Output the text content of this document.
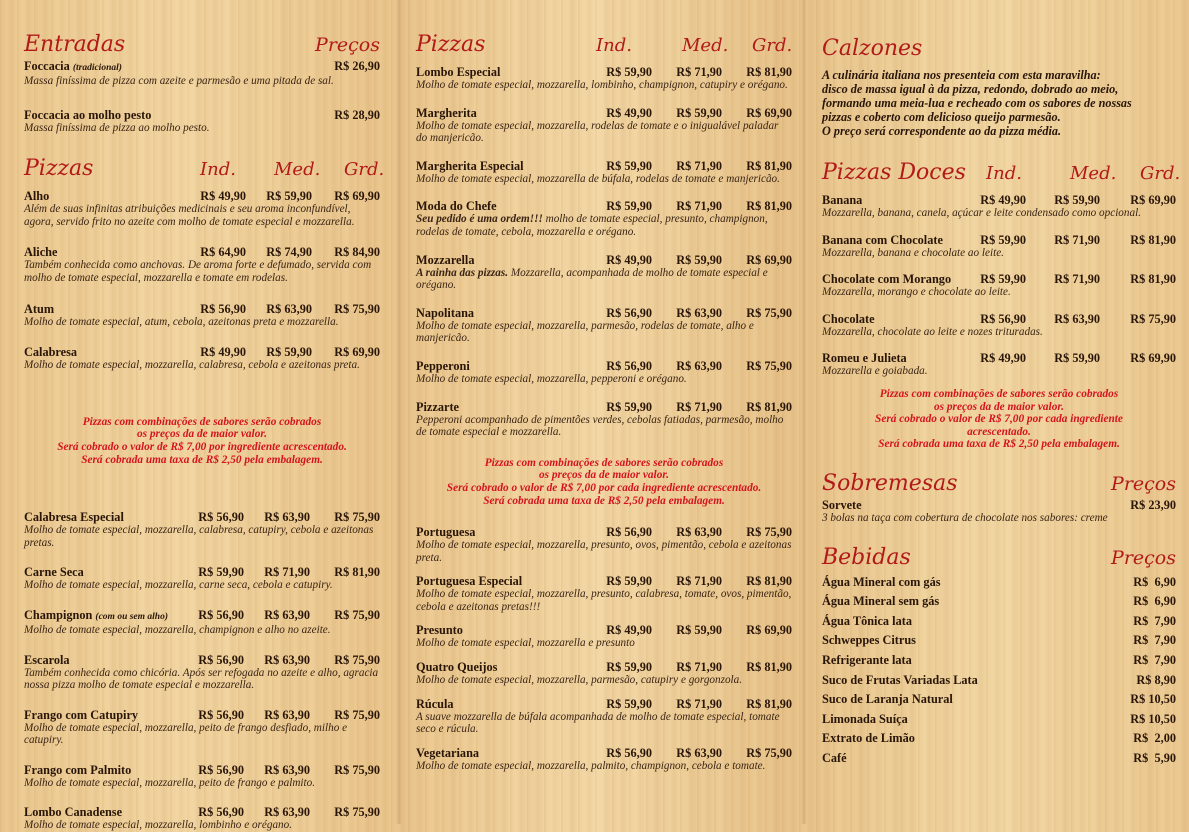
Entradas	Preços
Foccacia (tradicional)	R$ 26,90
Massa finíssima de pizza com azeite e parmesão e uma pitada de sal.
Foccacia ao molho pesto	R$ 28,90
Massa finíssima de pizza ao molho pesto.
Pizzas	Ind.	Med.	Grd.
Alho	R$ 49,90	R$ 59,90	R$ 69,90
Além de suas infinitas atribuições medicinais e seu aroma inconfundível, agora, servido frito no azeite com molho de tomate especial e mozzarella.
Aliche	R$ 64,90	R$ 74,90	R$ 84,90
Também conhecida como anchovas. De aroma forte e defumado, servida com molho de tomate especial, mozzarella e tomate em rodelas.
Atum	R$ 56,90	R$ 63,90	R$ 75,90
Molho de tomate especial, atum, cebola, azeitonas preta e mozzarella.
Calabresa	R$ 49,90	R$ 59,90	R$ 69,90
Molho de tomate especial, mozzarella, calabresa, cebola e azeitonas preta.
Pizzas com combinações de sabores serão cobrados
os preços da de maior valor.
Será cobrado o valor de R$ 7,00 por ingrediente acrescentado.
Será cobrada uma taxa de R$ 2,50 pela embalagem.
Calabresa Especial	R$ 56,90	R$ 63,90	R$ 75,90
Molho de tomate especial, mozzarella, calabresa, catupiry, cebola e azeitonas pretas.
Carne Seca	R$ 59,90	R$ 71,90	R$ 81,90
Molho de tomate especial, mozzarella, carne seca, cebola e catupiry.
Champignon (com ou sem alho)	R$ 56,90	R$ 63,90	R$ 75,90
Molho de tomate especial, mozzarella, champignon e alho no azeite.
Escarola	R$ 56,90	R$ 63,90	R$ 75,90
Também conhecida como chicória. Após ser refogada no azeite e alho, agracia nossa pizza molho de tomate especial e mozzarella.
Frango com Catupiry	R$ 56,90	R$ 63,90	R$ 75,90
Molho de tomate especial, mozzarella, peito de frango desfiado, milho e catupiry.
Frango com Palmito	R$ 56,90	R$ 63,90	R$ 75,90
Molho de tomate especial, mozzarella, peito de frango e palmito.
Lombo Canadense	R$ 56,90	R$ 63,90	R$ 75,90
Molho de tomate especial, mozzarella, lombinho e orégano.
Pizzas	Ind.	Med.	Grd.
Lombo Especial	R$ 59,90	R$ 71,90	R$ 81,90
Molho de tomate especial, mozzarella, lombinho, champignon, catupiry e orégano.
Margherita	R$ 49,90	R$ 59,90	R$ 69,90
Molho de tomate especial, mozzarella, rodelas de tomate e o inigualável paladar do manjericão.
Margherita Especial	R$ 59,90	R$ 71,90	R$ 81,90
Molho de tomate especial, mozzarella de búfala, rodelas de tomate e manjericão.
Moda do Chefe	R$ 59,90	R$ 71,90	R$ 81,90
Seu pedido é uma ordem!!! molho de tomate especial, presunto, champignon, rodelas de tomate, cebola, mozzarella e orégano.
Mozzarella	R$ 49,90	R$ 59,90	R$ 69,90
A rainha das pizzas. Mozzarella, acompanhada de molho de tomate especial e orégano.
Napolitana	R$ 56,90	R$ 63,90	R$ 75,90
Molho de tomate especial, mozzarella, parmesão, rodelas de tomate, alho e manjericão.
Pepperoni	R$ 56,90	R$ 63,90	R$ 75,90
Molho de tomate especial, mozzarella, pepperoni e orégano.
Pizzarte	R$ 59,90	R$ 71,90	R$ 81,90
Pepperoni acompanhado de pimentões verdes, cebolas fatiadas, parmesão, molho de tomate especial e mozzarella.
Pizzas com combinações de sabores serão cobrados
os preços da de maior valor.
Será cobrado o valor de R$ 7,00 por cada ingrediente acrescentado.
Será cobrada uma taxa de R$ 2,50 pela embalagem.
Portuguesa	R$ 56,90	R$ 63,90	R$ 75,90
Molho de tomate especial, mozzarella, presunto, ovos, pimentão, cebola e azeitonas preta.
Portuguesa Especial	R$ 59,90	R$ 71,90	R$ 81,90
Molho de tomate especial, mozzarella, presunto, calabresa, tomate, ovos, pimentão, cebola e azeitonas pretas!!!
Presunto	R$ 49,90	R$ 59,90	R$ 69,90
Molho de tomate especial, mozzarella e presunto
Quatro Queijos	R$ 59,90	R$ 71,90	R$ 81,90
Molho de tomate especial, mozzarella, parmesão, catupiry e gorgonzola.
Rúcula	R$ 59,90	R$ 71,90	R$ 81,90
A suave mozzarella de búfala acompanhada de molho de tomate especial, tomate seco e rúcula.
Vegetariana	R$ 56,90	R$ 63,90	R$ 75,90
Molho de tomate especial, mozzarella, palmito, champignon, cebola e tomate.
Calzones
A culinária italiana nos presenteia com esta maravilha:
disco de massa igual à da pizza, redondo, dobrado ao meio,
formando uma meia-lua e recheado com os sabores de nossas
pizzas e coberto com delicioso queijo parmesão.
O preço será correspondente ao da pizza média.
Pizzas Doces Ind.	Med.	Grd.
Banana	R$ 49,90	R$ 59,90	R$ 69,90
Mozzarella, banana, canela, açúcar e leite condensado como opcional.
Banana com Chocolate	R$ 59,90	R$ 71,90	R$ 81,90
Mozzarella, banana e chocolate ao leite.
Chocolate com Morango	R$ 59,90	R$ 71,90	R$ 81,90
Mozzarella, morango e chocolate ao leite.
Chocolate	R$ 56,90	R$ 63,90	R$ 75,90
Mozzarella, chocolate ao leite e nozes trituradas.
Romeu e Julieta	R$ 49,90	R$ 59,90	R$ 69,90
Mozzarella e goiabada.
Pizzas com combinações de sabores serão cobrados
os preços da de maior valor.
Será cobrado o valor de R$ 7,00 por cada ingrediente
acrescentado.
Será cobrada uma taxa de R$ 2,50 pela embalagem.
Sobremesas	Preços
Sorvete	R$ 23,90
3 bolas na taça com cobertura de chocolate nos sabores: creme
Bebidas	Preços
Água Mineral com gás	R$  6,90
Água Mineral sem gás	R$  6,90
Água Tônica lata	R$  7,90
Schweppes Citrus	R$  7,90
Refrigerante lata	R$  7,90
Suco de Frutas Variadas Lata	R$ 8,90
Suco de Laranja Natural	R$ 10,50
Limonada Suíça	R$ 10,50
Extrato de Limão	R$  2,00
Café	R$  5,90
